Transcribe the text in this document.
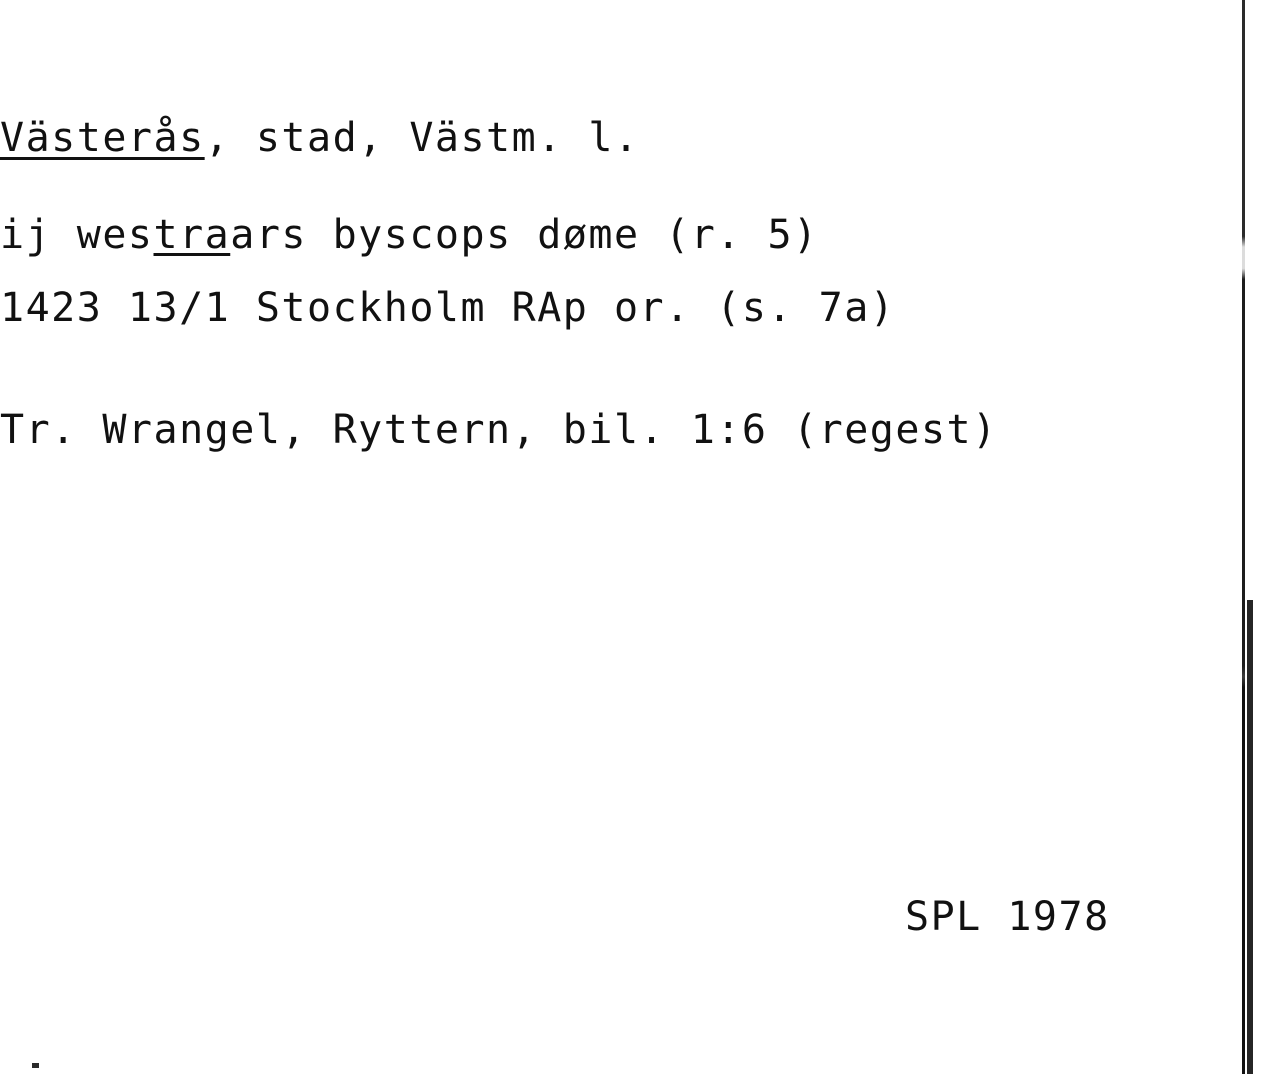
Västerås, stad, Västm. l.
ij westraars byscops døme (r. 5)
1423 13/1 Stockholm RAp or. (s. 7a)
Tr. Wrangel, Ryttern, bil. 1:6 (regest)
SPL 1978
